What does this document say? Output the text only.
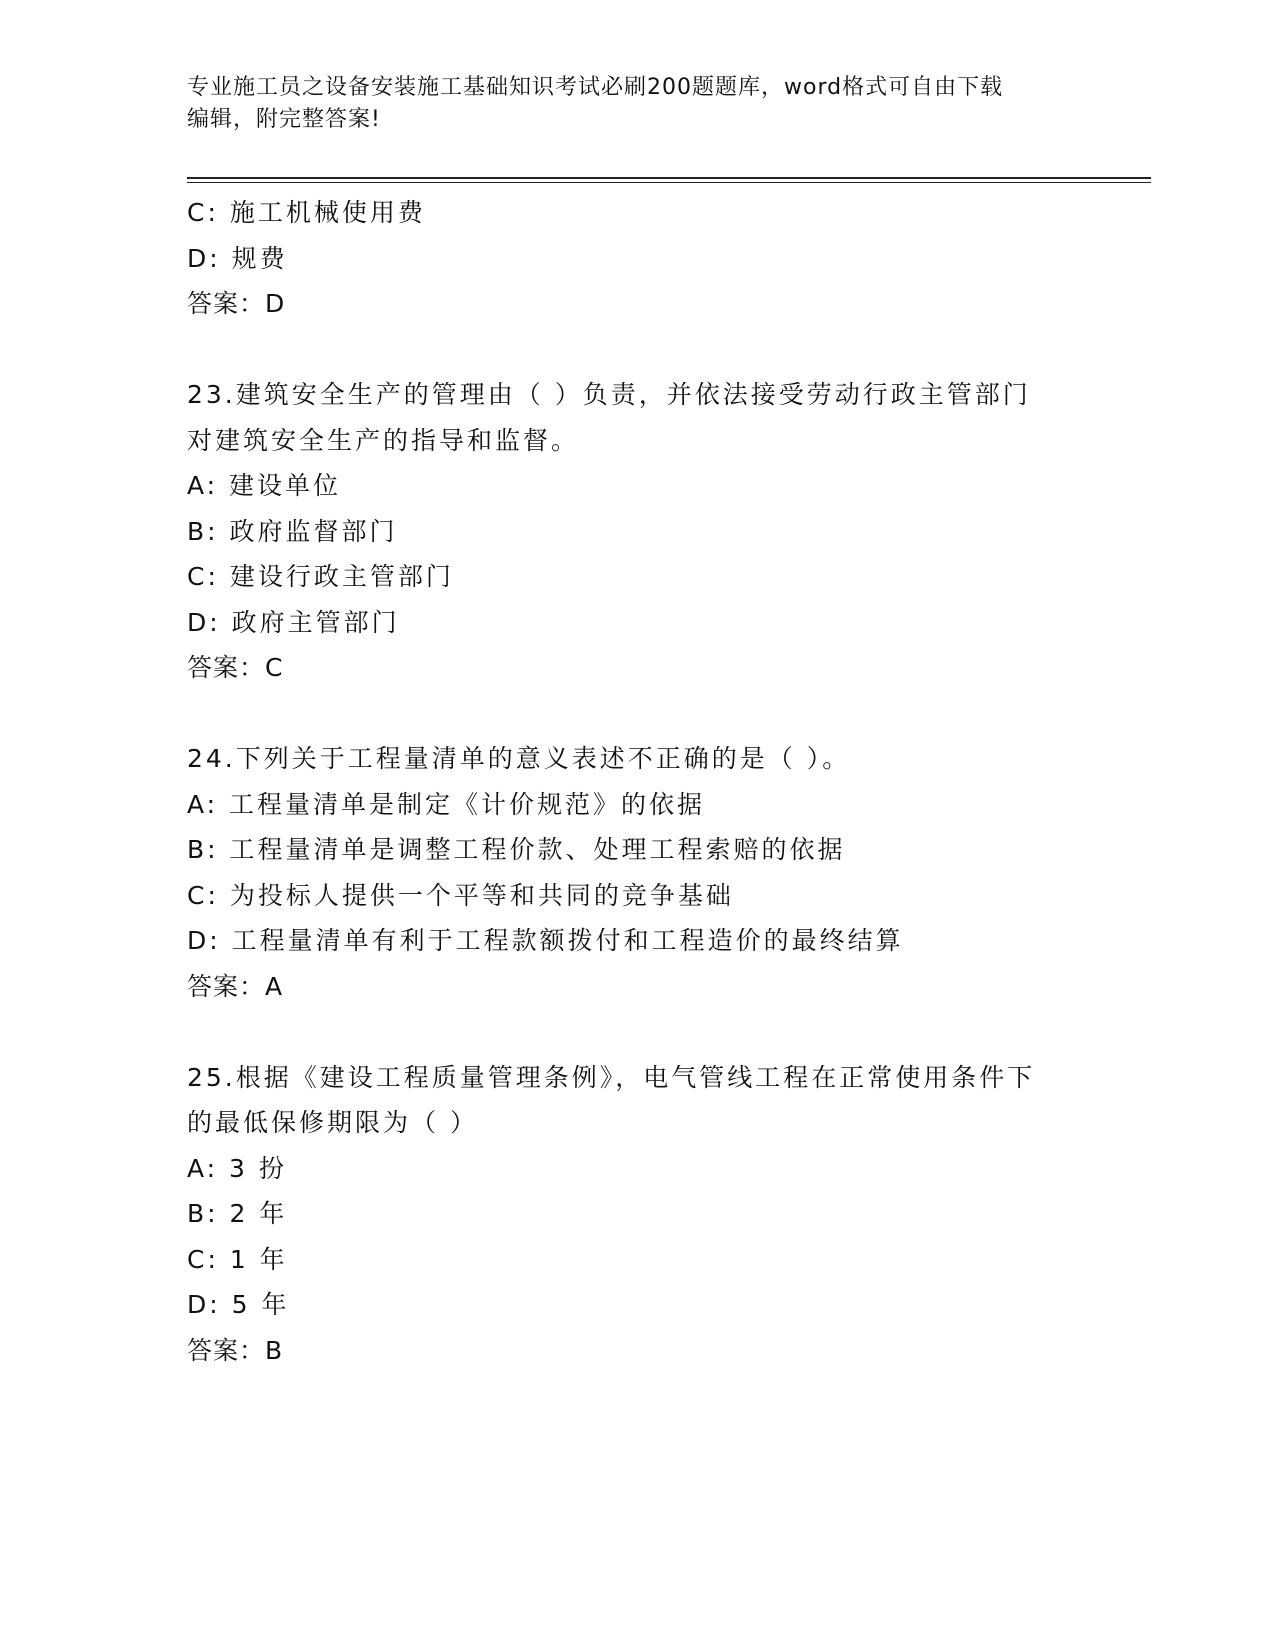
专业施工员之设备安装施工基础知识考试必刷200题题库，word格式可自由下载
编辑，附完整答案!
C: 施工机械使用费
D: 规费
答案：D
23.建筑安全生产的管理由（ ）负责，并依法接受劳动行政主管部门
对建筑安全生产的指导和监督。
A: 建设单位
B: 政府监督部门
C: 建设行政主管部门
D: 政府主管部门
答案：C
24.下列关于工程量清单的意义表述不正确的是（ ）。
A: 工程量清单是制定《计价规范》的依据
B: 工程量清单是调整工程价款、处理工程索赔的依据
C: 为投标人提供一个平等和共同的竞争基础
D: 工程量清单有利于工程款额拨付和工程造价的最终结算
答案：A
25.根据《建设工程质量管理条例》，电气管线工程在正常使用条件下
的最低保修期限为（ ）
A: 3 扮
B: 2 年
C: 1 年
D: 5 年
答案：B
